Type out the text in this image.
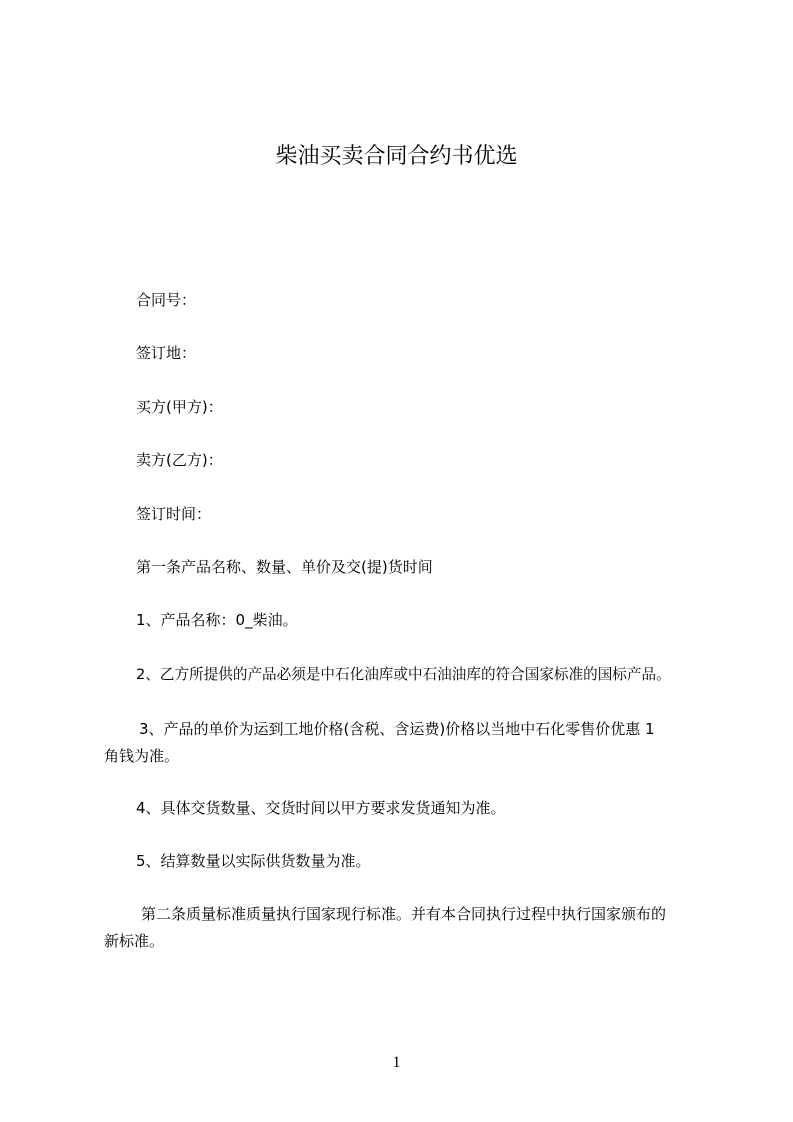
柴油买卖合同合约书优选
合同号：
签订地：
买方(甲方)：
卖方(乙方)：
签订时间：
第一条产品名称、数量、单价及交(提)货时间
1、产品名称：0_柴油。
2、乙方所提供的产品必须是中石化油库或中石油油库的符合国家标准的国标产品。
3、产品的单价为运到工地价格(含税、含运费)价格以当地中石化零售价优惠 1
角钱为准。
4、具体交货数量、交货时间以甲方要求发货通知为准。
5、结算数量以实际供货数量为准。
第二条质量标准质量执行国家现行标准。并有本合同执行过程中执行国家颁布的
新标准。
1
